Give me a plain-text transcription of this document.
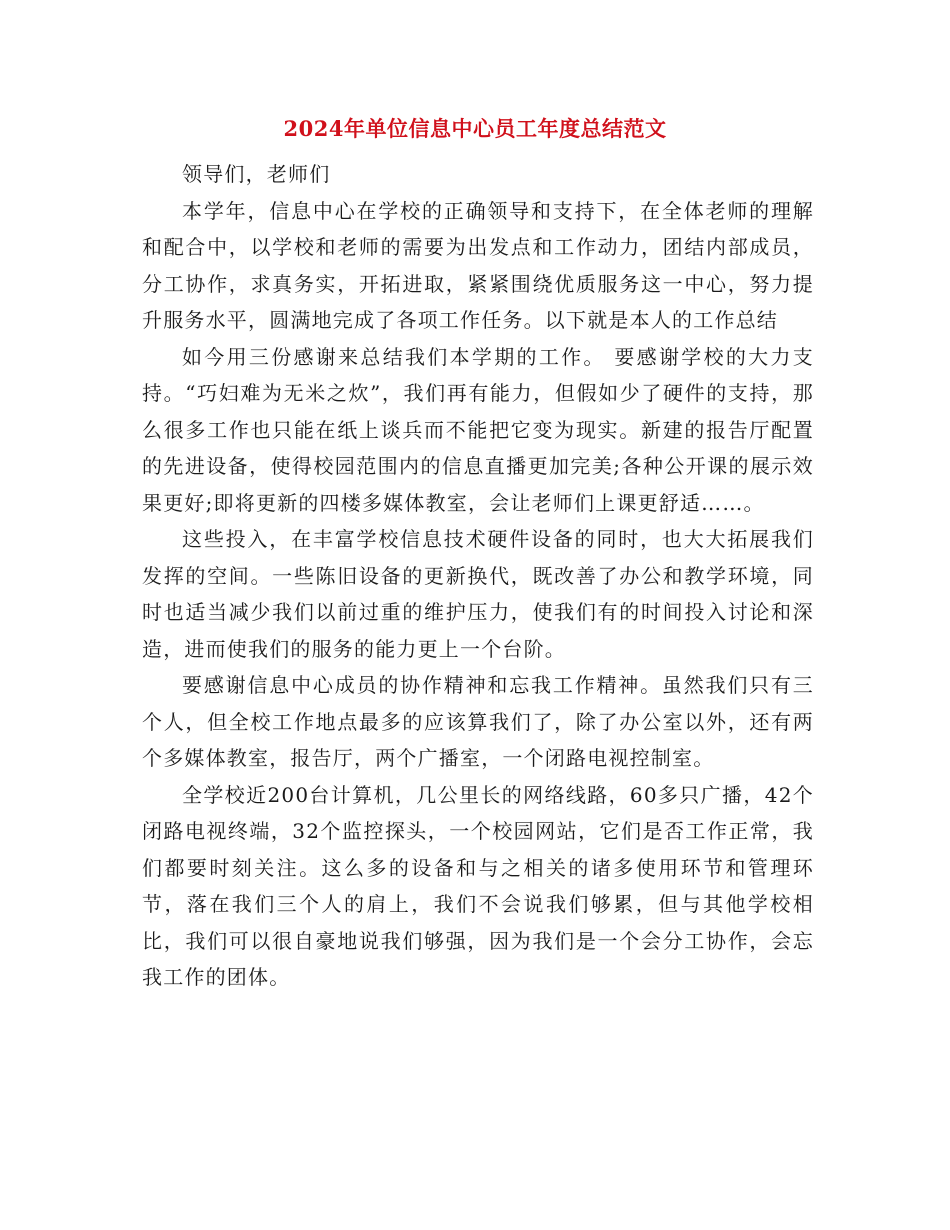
2024年单位信息中心员工年度总结范文

领导们，老师们

本学年，信息中心在学校的正确领导和支持下，在全体老师的理解和配合中，以学校和老师的需要为出发点和工作动力，团结内部成员，分工协作，求真务实，开拓进取，紧紧围绕优质服务这一中心，努力提升服务水平，圆满地完成了各项工作任务。以下就是本人的工作总结

如今用三份感谢来总结我们本学期的工作。 要感谢学校的大力支持。“巧妇难为无米之炊”，我们再有能力，但假如少了硬件的支持，那么很多工作也只能在纸上谈兵而不能把它变为现实。新建的报告厅配置的先进设备，使得校园范围内的信息直播更加完美;各种公开课的展示效果更好;即将更新的四楼多媒体教室，会让老师们上课更舒适……。

这些投入，在丰富学校信息技术硬件设备的同时，也大大拓展我们发挥的空间。一些陈旧设备的更新换代，既改善了办公和教学环境，同时也适当减少我们以前过重的维护压力，使我们有的时间投入讨论和深造，进而使我们的服务的能力更上一个台阶。

要感谢信息中心成员的协作精神和忘我工作精神。虽然我们只有三个人，但全校工作地点最多的应该算我们了，除了办公室以外，还有两个多媒体教室，报告厅，两个广播室，一个闭路电视控制室。

全学校近200台计算机，几公里长的网络线路，60多只广播，42个闭路电视终端，32个监控探头，一个校园网站，它们是否工作正常，我们都要时刻关注。这么多的设备和与之相关的诸多使用环节和管理环节，落在我们三个人的肩上，我们不会说我们够累，但与其他学校相比，我们可以很自豪地说我们够强，因为我们是一个会分工协作，会忘我工作的团体。
